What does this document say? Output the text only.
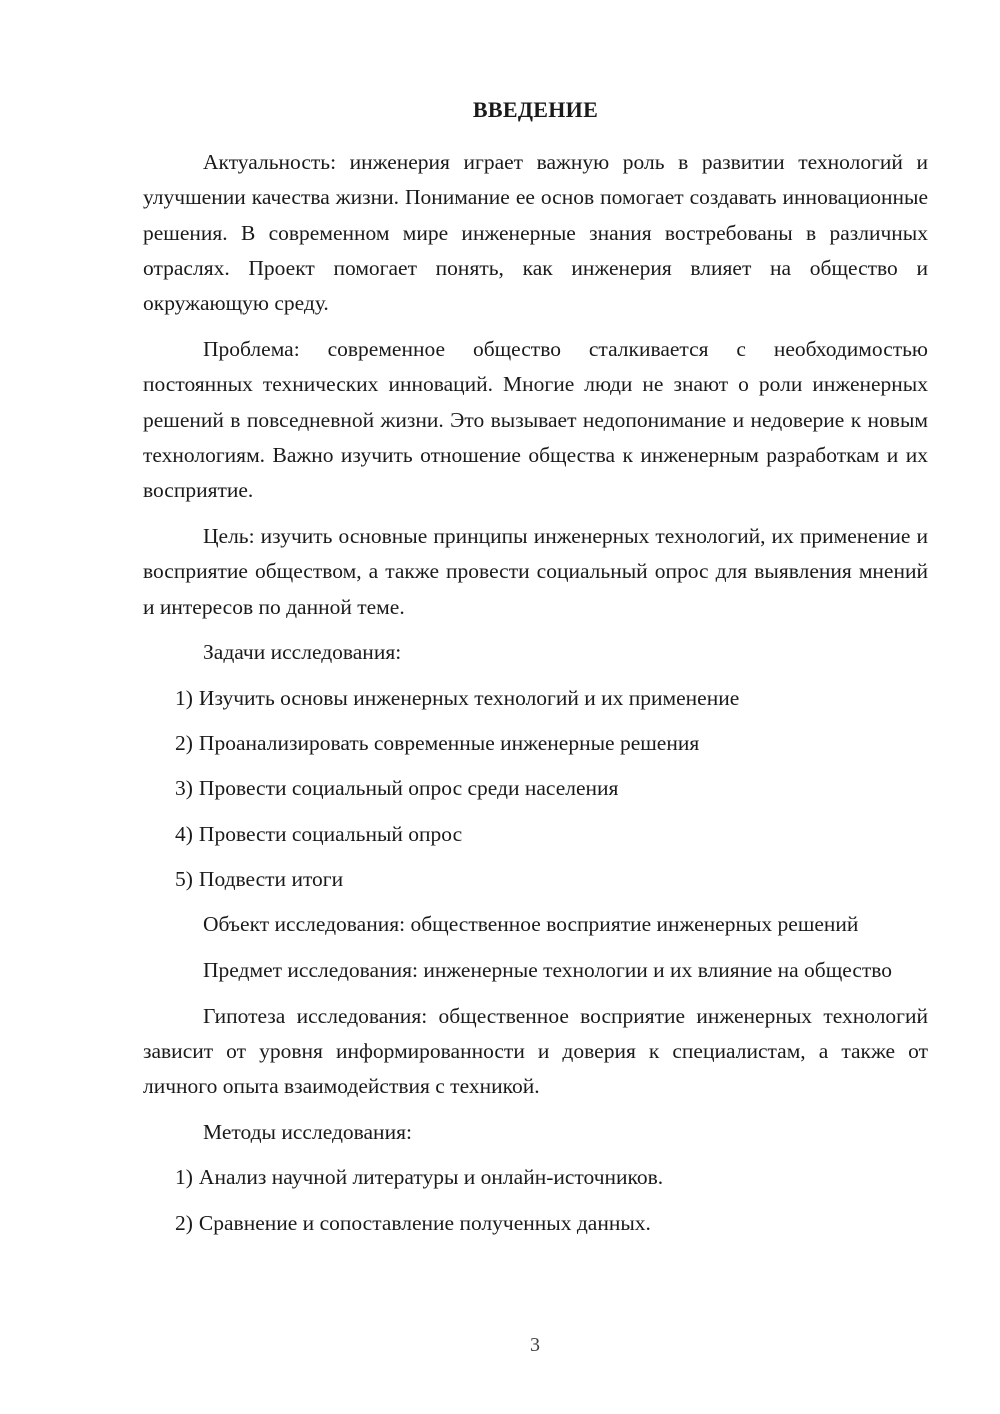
ВВЕДЕНИЕ

Актуальность: инженерия играет важную роль в развитии технологий и улучшении качества жизни. Понимание ее основ помогает создавать инновационные решения. В современном мире инженерные знания востребованы в различных отраслях. Проект помогает понять, как инженерия влияет на общество и окружающую среду.

Проблема: современное общество сталкивается с необходимостью постоянных технических инноваций. Многие люди не знают о роли инженерных решений в повседневной жизни. Это вызывает недопонимание и недоверие к новым технологиям. Важно изучить отношение общества к инженерным разработкам и их восприятие.

Цель: изучить основные принципы инженерных технологий, их применение и восприятие обществом, а также провести социальный опрос для выявления мнений и интересов по данной теме.

Задачи исследования:

1) Изучить основы инженерных технологий и их применение
2) Проанализировать современные инженерные решения
3) Провести социальный опрос среди населения
4) Провести социальный опрос
5) Подвести итоги

Объект исследования: общественное восприятие инженерных решений

Предмет исследования: инженерные технологии и их влияние на общество

Гипотеза исследования: общественное восприятие инженерных технологий зависит от уровня информированности и доверия к специалистам, а также от личного опыта взаимодействия с техникой.

Методы исследования:

1) Анализ научной литературы и онлайн-источников.
2) Сравнение и сопоставление полученных данных.
3
